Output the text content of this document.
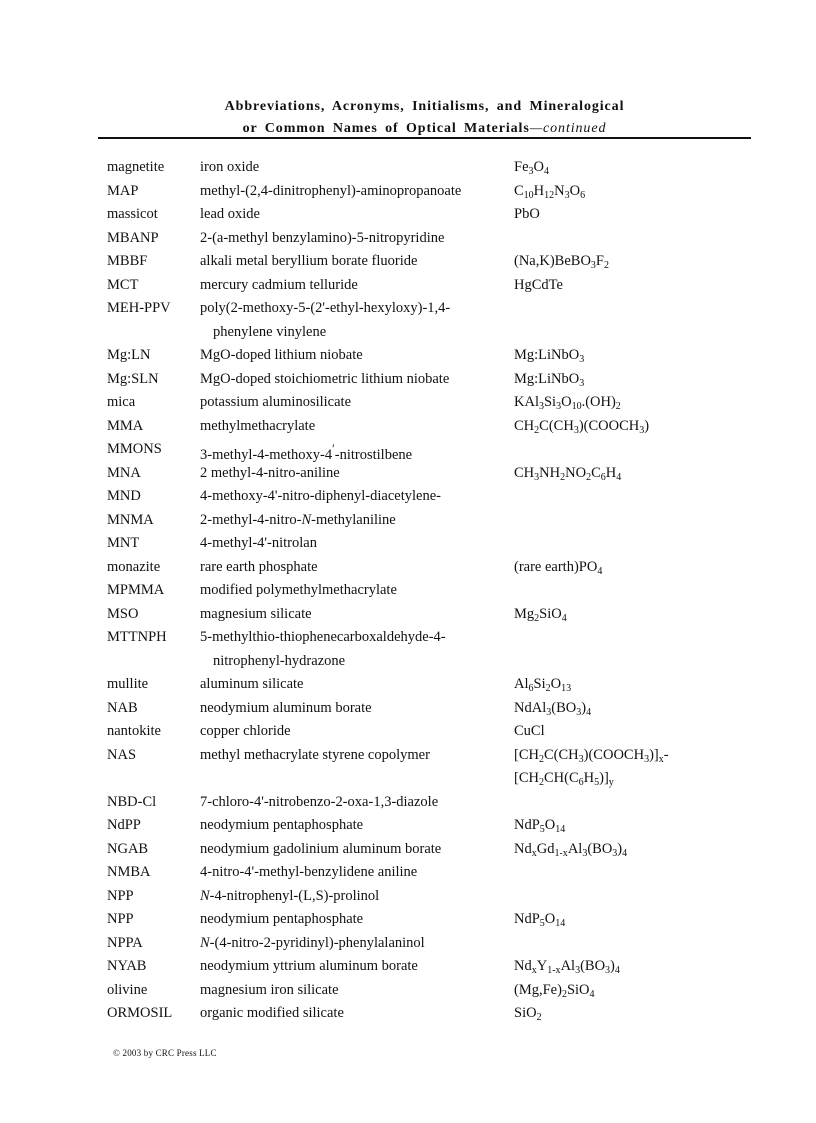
Abbreviations, Acronyms, Initialisms, and Mineralogical
or Common Names of Optical Materials—continued
magnetite iron oxide	$Fe_3O_4$
MAP	methyl-(2,4-dinitrophenyl)-aminopropanoate	$C_{10}H_{12}N_3O_6$
massicot	lead oxide	PbO
MBANP	2-(a-methyl benzylamino)-5-nitropyridine
MBBF	alkali metal beryllium borate fluoride	$(Na,K)BeBO_3F_2$
MCT	mercury cadmium telluride	HgCdTe
MEH-PPV poly(2-methoxy-5-(2'-ethyl-hexyloxy)-1,4-
phenylene vinylene
Mg:LN	MgO-doped lithium niobate	Mg:LiNbO$_3$
Mg:SLN	MgO-doped stoichiometric lithium niobate	Mg:LiNbO$_3$
mica	potassium aluminosilicate	$KAl_3Si_3O_{10}.(OH)_2$
MMA	methylmethacrylate	$CH_2C(CH_3)(COOCH_3)$
MMONS	3-methyl-4-methoxy-4′-nitrostilbene
MNA	2 methyl-4-nitro-aniline	$CH_3NH_2NO_2C_6H_4$
MND	4-methoxy-4'-nitro-diphenyl-diacetylene-
MNMA	2-methyl-4-nitro-N-methylaniline
MNT	4-methyl-4'-nitrolan
monazite	rare earth phosphate	(rare $earth)PO_4$
MPMMA modified polymethylmethacrylate
MSO	magnesium silicate	$Mg_2SiO_4$
MTTNPH 5-methylthio-thiophenecarboxaldehyde-4-
nitrophenyl-hydrazone
mullite	aluminum silicate	$Al_6Si_2O_{13}$
NAB	neodymium aluminum borate	$NdAl_3(BO_3)_4$
nantokite	copper chloride	CuCl
NAS	methyl methacrylate styrene copolymer	$[CH_2C(CH_3)(COOCH_3)]_x-$
$[CH_2CH(C_6H_5)]_y$
NBD-Cl	7-chloro-4'-nitrobenzo-2-oxa-1,3-diazole
NdPP	neodymium pentaphosphate	$NdP_5O_{14}$
NGAB	neodymium gadolinium aluminum borate	$Nd_xGd_{1-x}Al_3(BO_3)_4$
NMBA	4-nitro-4'-methyl-benzylidene aniline
NPP	N-4-nitrophenyl-(L,S)-prolinol
NPP	neodymium pentaphosphate	$NdP_5O_{14}$
NPPA	N-(4-nitro-2-pyridinyl)-phenylalaninol
NYAB	neodymium yttrium aluminum borate	$Nd_xY_{1-x}Al_3(BO_3)_4$
olivine	magnesium iron silicate	$(Mg,Fe)_2SiO_4$
ORMOSIL organic modified silicate	SiO$_2$
© 2003 by CRC Press LLC
